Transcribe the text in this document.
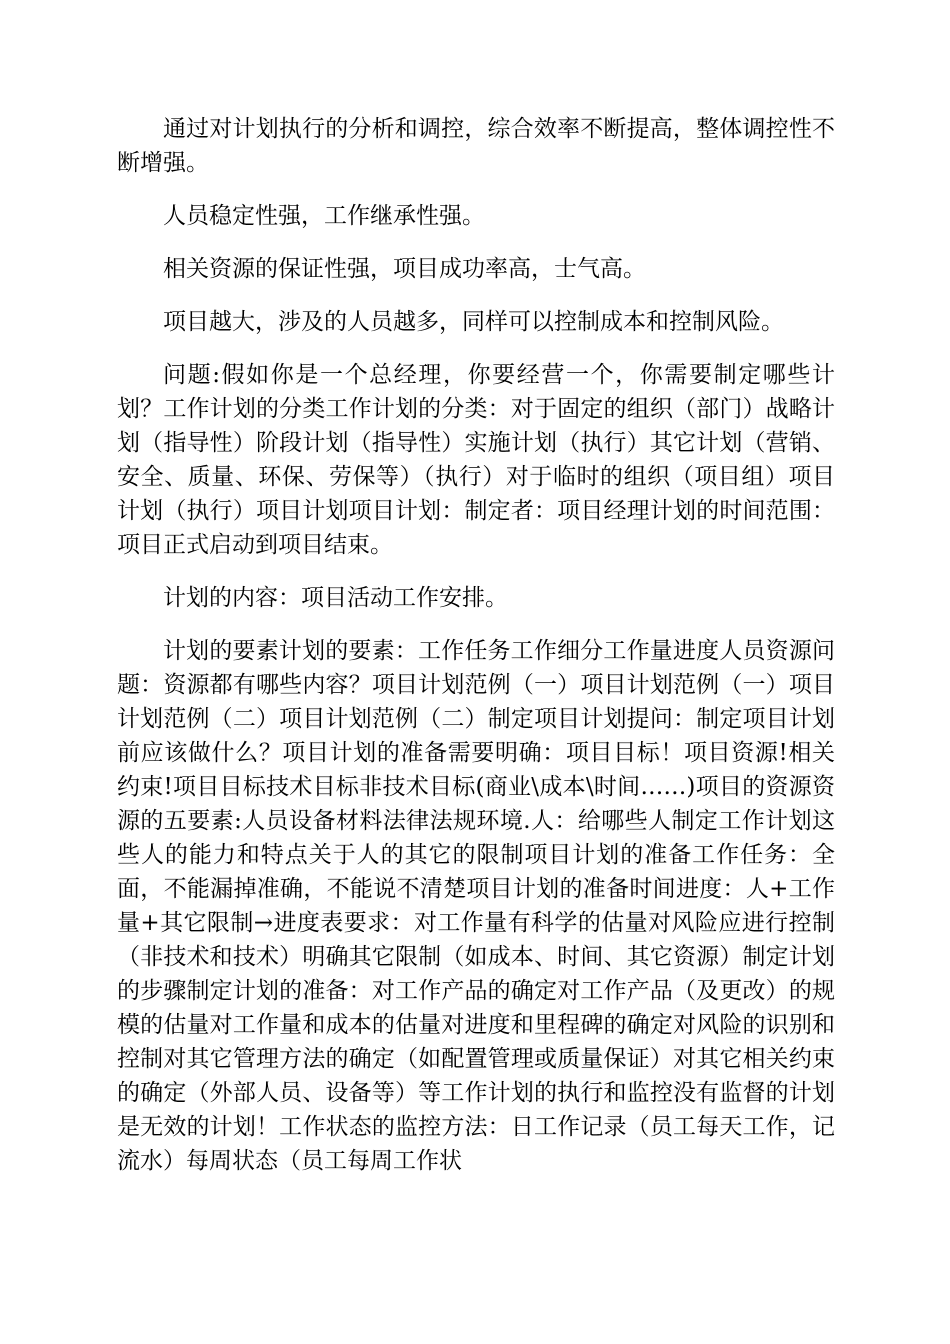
通过对计划执行的分析和调控，综合效率不断提高，整体调控性不断增强。

人员稳定性强，工作继承性强。

相关资源的保证性强，项目成功率高，士气高。

项目越大，涉及的人员越多，同样可以控制成本和控制风险。

问题:假如你是一个总经理，你要经营一个，你需要制定哪些计划？工作计划的分类工作计划的分类：对于固定的组织（部门）战略计划（指导性）阶段计划（指导性）实施计划（执行）其它计划（营销、安全、质量、环保、劳保等）（执行）对于临时的组织（项目组）项目计划（执行）项目计划项目计划：制定者：项目经理计划的时间范围：项目正式启动到项目结束。

计划的内容：项目活动工作安排。

计划的要素计划的要素：工作任务工作细分工作量进度人员资源问题：资源都有哪些内容？项目计划范例（一）项目计划范例（一）项目计划范例（二）项目计划范例（二）制定项目计划提问：制定项目计划前应该做什么？项目计划的准备需要明确：项目目标！项目资源!相关约束!项目目标技术目标非技术目标(商业\成本\时间……)项目的资源资源的五要素:人员设备材料法律法规环境.人：给哪些人制定工作计划这些人的能力和特点关于人的其它的限制项目计划的准备工作任务：全面，不能漏掉准确，不能说不清楚项目计划的准备时间进度：人+工作量+其它限制→进度表要求：对工作量有科学的估量对风险应进行控制（非技术和技术）明确其它限制（如成本、时间、其它资源）制定计划的步骤制定计划的准备：对工作产品的确定对工作产品（及更改）的规模的估量对工作量和成本的估量对进度和里程碑的确定对风险的识别和控制对其它管理方法的确定（如配置管理或质量保证）对其它相关约束的确定（外部人员、设备等）等工作计划的执行和监控没有监督的计划是无效的计划！工作状态的监控方法：日工作记录（员工每天工作，记流水）每周状态（员工每周工作状
